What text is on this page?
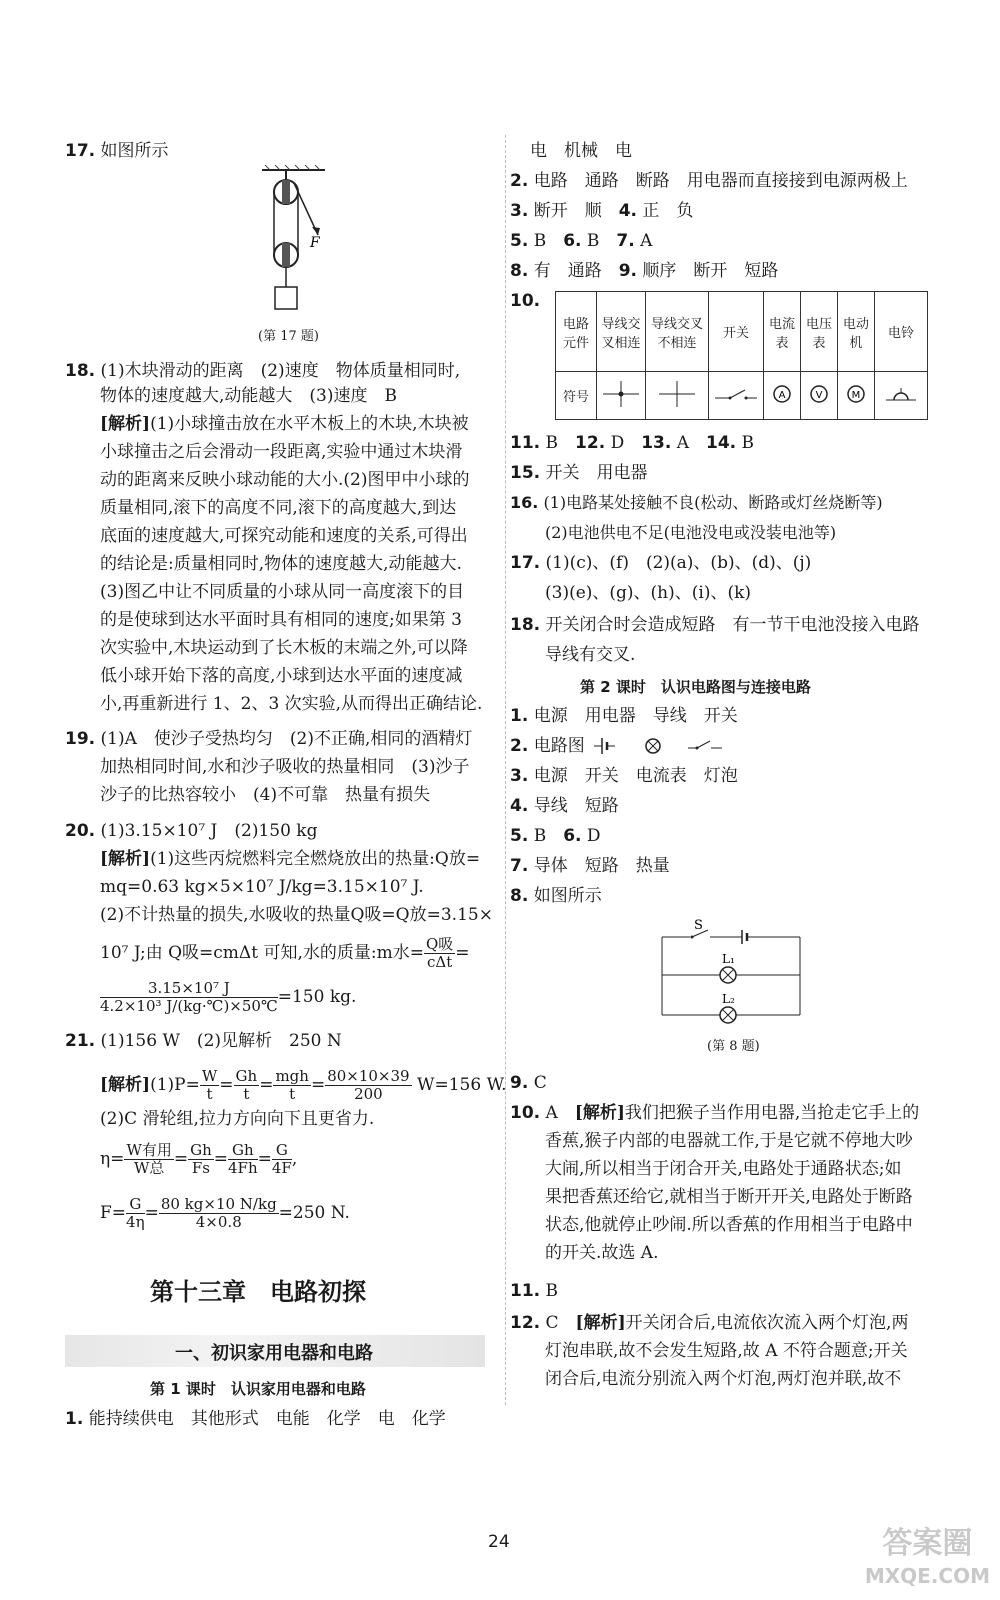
17. 如图所示
F
(第 17 题)
18. (1)木块滑动的距离　(2)速度　物体质量相同时,
物体的速度越大,动能越大　(3)速度　B
[解析](1)小球撞击放在水平木板上的木块,木块被
小球撞击之后会滑动一段距离,实验中通过木块滑
动的距离来反映小球动能的大小.(2)图甲中小球的
质量相同,滚下的高度不同,滚下的高度越大,到达
底面的速度越大,可探究动能和速度的关系,可得出
的结论是:质量相同时,物体的速度越大,动能越大.
(3)图乙中让不同质量的小球从同一高度滚下的目
的是使球到达水平面时具有相同的速度;如果第 3
次实验中,木块运动到了长木板的末端之外,可以降
低小球开始下落的高度,小球到达水平面的速度减
小,再重新进行 1、2、3 次实验,从而得出正确结论.
19. (1)A　使沙子受热均匀　(2)不正确,相同的酒精灯
加热相同时间,水和沙子吸收的热量相同　(3)沙子
沙子的比热容较小　(4)不可靠　热量有损失
20. (1)3.15×10⁷ J　(2)150 kg
[解析](1)这些丙烷燃料完全燃烧放出的热量:Q放=
mq=0.63 kg×5×10⁷ J/kg=3.15×10⁷ J.
(2)不计热量的损失,水吸收的热量Q吸=Q放=3.15×
10⁷ J;由 Q吸=cmΔt 可知,水的质量:m水= $\frac{\text{Q吸}}{\text{cΔt}}$ =
$\frac{\text{3.15×10⁷ J}}{\text{4.2×10³ J/(kg·℃)×50℃}} =150$ kg.
21. (1)156 W　(2)见解析　250 N
[解析]$(1)P= \frac{W}{t} = \frac{Gh}{t} = \frac{\text{mgh}}{t} = \frac{80\times 10\times 39}{200} W=156$ W.
(2)C 滑轮组,拉力方向向下且更省力.
$\eta= \frac{\text{W有用}}{\text{W总}} = \frac{Gh}{Fs} = \frac{Gh}{4Fh} = \frac{G}{4F}$ ,
$F= \frac{G}{4\eta} = \frac{80 kg\times 10 N/kg}{4\times 0.8} =250$ N.
第十三章　电路初探
一、初识家用电器和电路
第 1 课时　认识家用电器和电路
1. 能持续供电　其他形式　电能　化学　电　化学
电　机械　电
2. 电路　通路　断路　用电器而直接接到电源两极上
3. 断开　顺　4. 正　负
5. B　6. B　7. A
8. 有　通路　9. 顺序　断开　短路
10.
电路元件	导线交叉相连	导线交叉不相连	开关	电流表	电压表	电动机	电铃
符号				A	V	M

11. B　12. D　13. A　14. B
15. 开关　用电器
16. (1)电路某处接触不良(松动、断路或灯丝烧断等)
(2)电池供电不足(电池没电或没装电池等)
17. (1)(c)、(f)　(2)(a)、(b)、(d)、(j)
(3)(e)、(g)、(h)、(i)、(k)
18. 开关闭合时会造成短路　有一节干电池没接入电路
导线有交叉.
第 2 课时　认识电路图与连接电路
1. 电源　用电器　导线　开关
2. 电路图
3. 电源　开关　电流表　灯泡
4. 导线　短路
5. B　6. D
7. 导体　短路　热量
8. 如图所示
S
L₁
L₂
(第 8 题)
9. C
10. A　[解析]我们把猴子当作用电器,当抢走它手上的
香蕉,猴子内部的电器就工作,于是它就不停地大吵
大闹,所以相当于闭合开关,电路处于通路状态;如
果把香蕉还给它,就相当于断开开关,电路处于断路
状态,他就停止吵闹.所以香蕉的作用相当于电路中
的开关.故选 A.
11. B
12. C　[解析]开关闭合后,电流依次流入两个灯泡,两
灯泡串联,故不会发生短路,故 A 不符合题意;开关
闭合后,电流分别流入两个灯泡,两灯泡并联,故不
24	答案圈
MXQE.COM
